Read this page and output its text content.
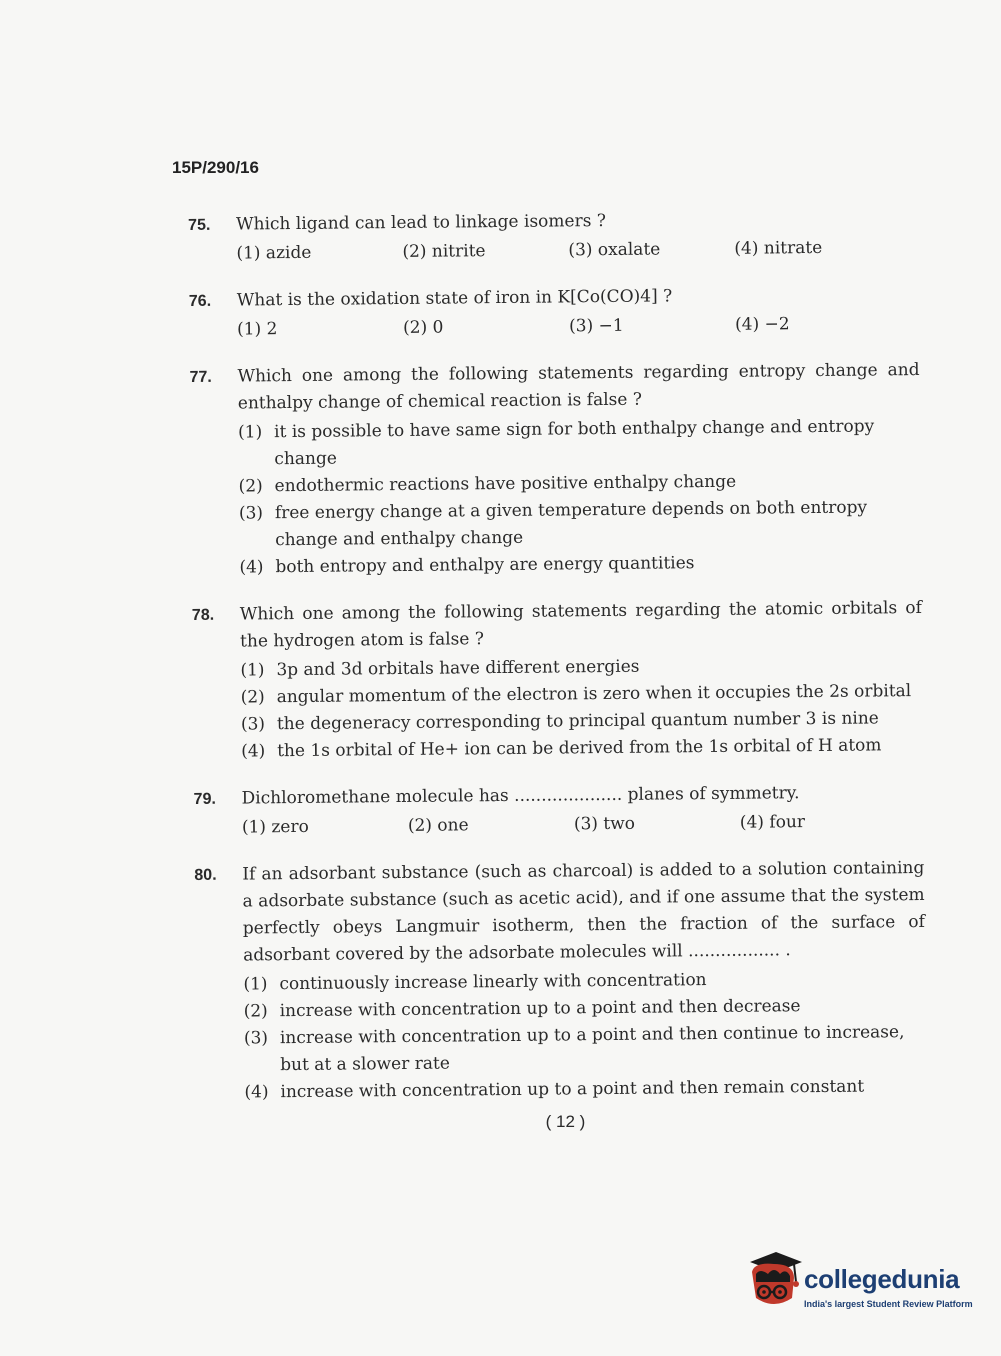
15P/290/16
75. Which ligand can lead to linkage isomers ?
(1) azide	(2) nitrite	(3) oxalate	(4) nitrate
76. What is the oxidation state of iron in K[Co(CO)4] ?
(1) 2	(2) 0	(3) −1	(4) −2
77. Which one among the following statements regarding entropy change and enthalpy change of chemical reaction is false ?
(1) it is possible to have same sign for both enthalpy change and entropy change
(2) endothermic reactions have positive enthalpy change
(3) free energy change at a given temperature depends on both entropy change and enthalpy change
(4) both entropy and enthalpy are energy quantities
78. Which one among the following statements regarding the atomic orbitals of the hydrogen atom is false ?
(1) 3p and 3d orbitals have different energies
(2) angular momentum of the electron is zero when it occupies the 2s orbital
(3) the degeneracy corresponding to principal quantum number 3 is nine
(4) the 1s orbital of He+ ion can be derived from the 1s orbital of H atom
79. Dichloromethane molecule has .................... planes of symmetry.
(1) zero	(2) one	(3) two	(4) four
80. If an adsorbant substance (such as charcoal) is added to a solution containing a adsorbate substance (such as acetic acid), and if one assume that the system perfectly obeys Langmuir isotherm, then the fraction of the surface of adsorbant covered by the adsorbate molecules will ................. .
(1) continuously increase linearly with concentration
(2) increase with concentration up to a point and then decrease
(3) increase with concentration up to a point and then continue to increase, but at a slower rate
(4) increase with concentration up to a point and then remain constant
( 12 )
collegedunia
India's largest Student Review Platform
